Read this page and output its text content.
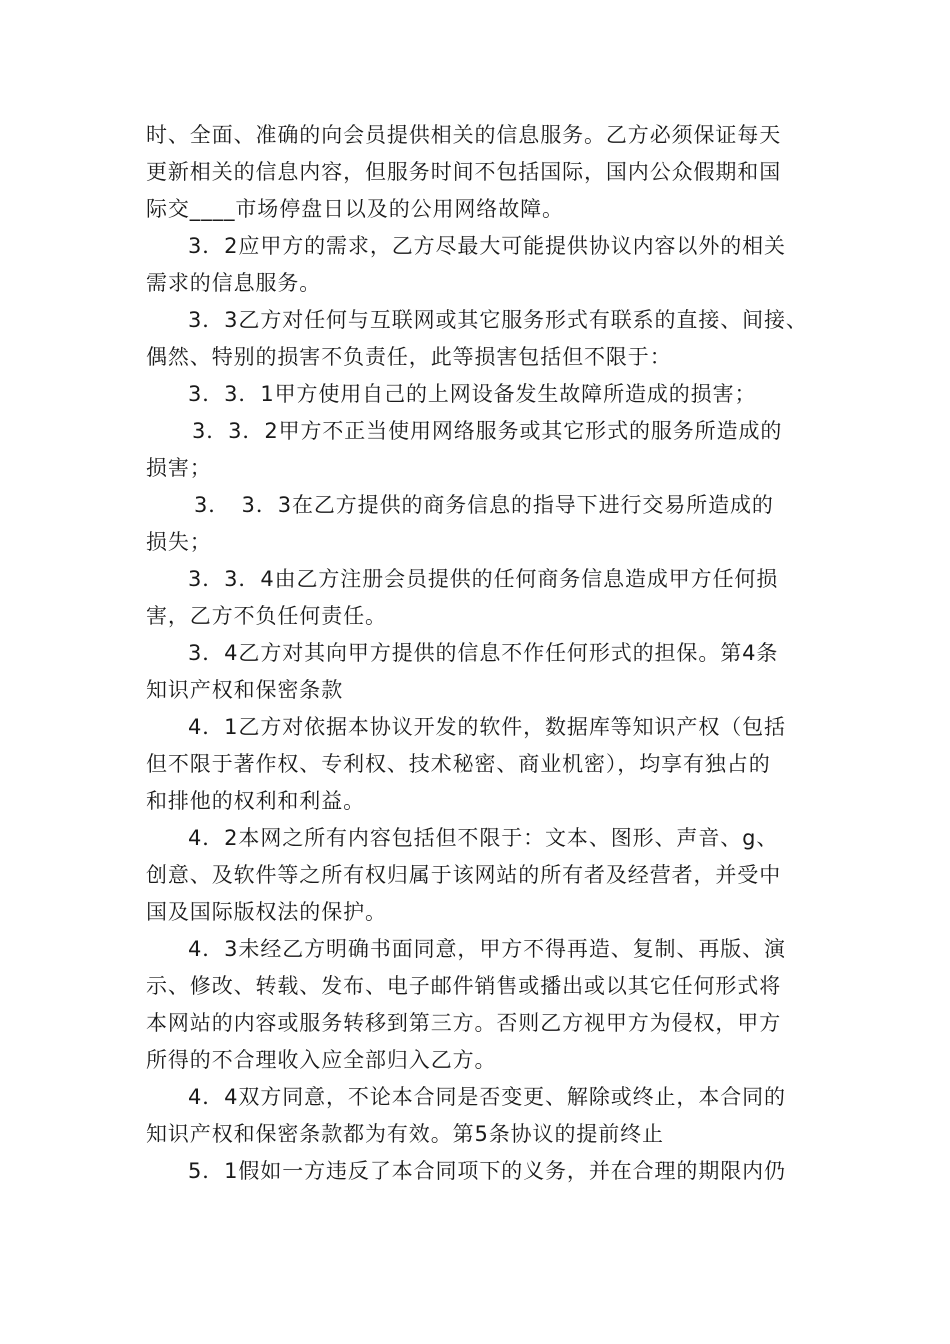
时、全面、准确的向会员提供相关的信息服务。乙方必须保证每天
更新相关的信息内容，但服务时间不包括国际，国内公众假期和国
际交____市场停盘日以及的公用网络故障。
3．2应甲方的需求，乙方尽最大可能提供协议内容以外的相关
需求的信息服务。
3．3乙方对任何与互联网或其它服务形式有联系的直接、间接、
偶然、特别的损害不负责任，此等损害包括但不限于：
3．3．1甲方使用自己的上网设备发生故障所造成的损害；
3．3．2甲方不正当使用网络服务或其它形式的服务所造成的
损害；
3．　3．3在乙方提供的商务信息的指导下进行交易所造成的
损失；
3．3．4由乙方注册会员提供的任何商务信息造成甲方任何损
害，乙方不负任何责任。
3．4乙方对其向甲方提供的信息不作任何形式的担保。第4条
知识产权和保密条款
4．1乙方对依据本协议开发的软件，数据库等知识产权（包括
但不限于著作权、专利权、技术秘密、商业机密），均享有独占的
和排他的权利和利益。
4．2本网之所有内容包括但不限于：文本、图形、声音、g、
创意、及软件等之所有权归属于该网站的所有者及经营者，并受中
国及国际版权法的保护。
4．3未经乙方明确书面同意，甲方不得再造、复制、再版、演
示、修改、转载、发布、电子邮件销售或播出或以其它任何形式将
本网站的内容或服务转移到第三方。否则乙方视甲方为侵权，甲方
所得的不合理收入应全部归入乙方。
4．4双方同意，不论本合同是否变更、解除或终止，本合同的
知识产权和保密条款都为有效。第5条协议的提前终止
5．1假如一方违反了本合同项下的义务，并在合理的期限内仍
